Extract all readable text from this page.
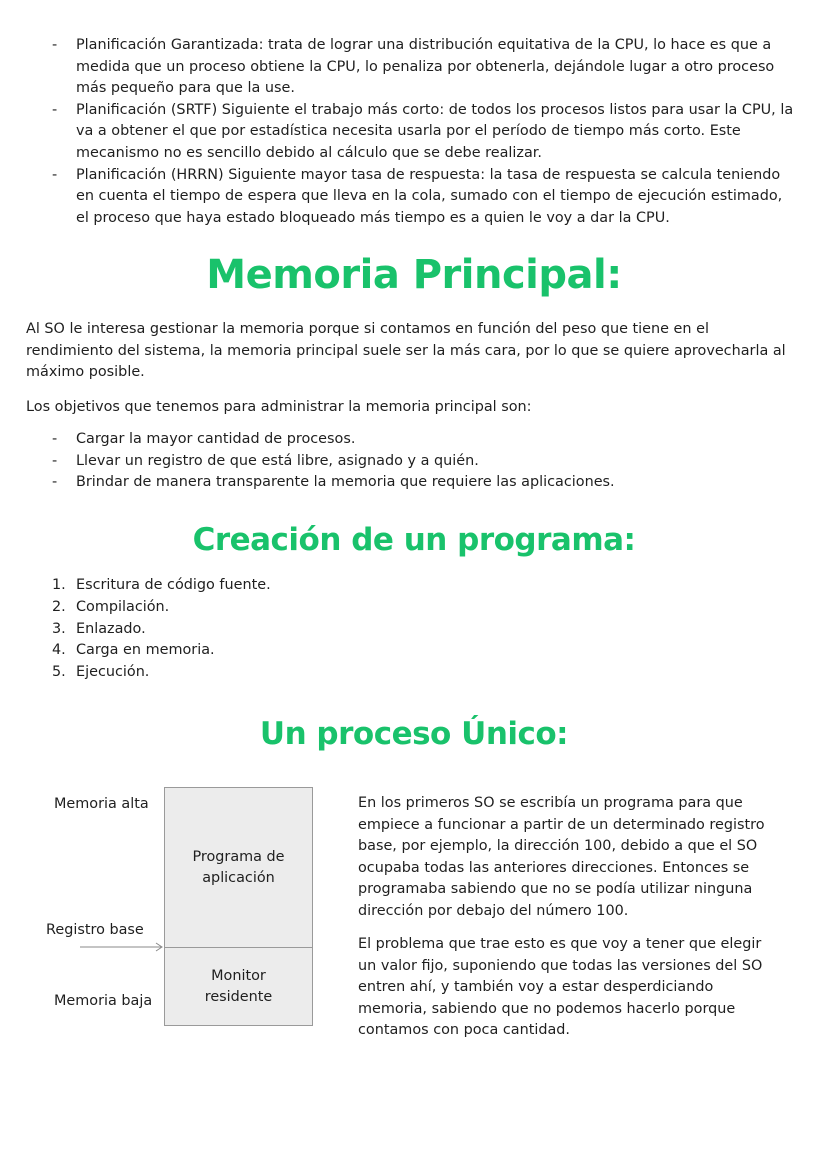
- Planificación Garantizada: trata de lograr una distribución equitativa de la CPU, lo hace es que a medida que un proceso obtiene la CPU, lo penaliza por obtenerla, dejándole lugar a otro proceso más pequeño para que la use.
- Planificación (SRTF) Siguiente el trabajo más corto: de todos los procesos listos para usar la CPU, la va a obtener el que por estadística necesita usarla por el período de tiempo más corto. Este mecanismo no es sencillo debido al cálculo que se debe realizar.
- Planificación (HRRN) Siguiente mayor tasa de respuesta: la tasa de respuesta se calcula teniendo en cuenta el tiempo de espera que lleva en la cola, sumado con el tiempo de ejecución estimado, el proceso que haya estado bloqueado más tiempo es a quien le voy a dar la CPU.
Memoria Principal:

Al SO le interesa gestionar la memoria porque si contamos en función del peso que tiene en el rendimiento del sistema, la memoria principal suele ser la más cara, por lo que se quiere aprovecharla al máximo posible.

Los objetivos que tenemos para administrar la memoria principal son:

- Cargar la mayor cantidad de procesos.
- Llevar un registro de que está libre, asignado y a quién.
- Brindar de manera transparente la memoria que requiere las aplicaciones.
Creación de un programa:
1. Escritura de código fuente.
2. Compilación.
3. Enlazado.
4. Carga en memoria.
5. Ejecución.
Un proceso Único:
Memoria alta
Registro base
Memoria baja
Programa de aplicación
Monitor residente

En los primeros SO se escribía un programa para que empiece a funcionar a partir de un determinado registro base, por ejemplo, la dirección 100, debido a que el SO ocupaba todas las anteriores direcciones. Entonces se programaba sabiendo que no se podía utilizar ninguna dirección por debajo del número 100.

El problema que trae esto es que voy a tener que elegir un valor fijo, suponiendo que todas las versiones del SO entren ahí, y también voy a estar desperdiciando memoria, sabiendo que no podemos hacerlo porque contamos con poca cantidad.
